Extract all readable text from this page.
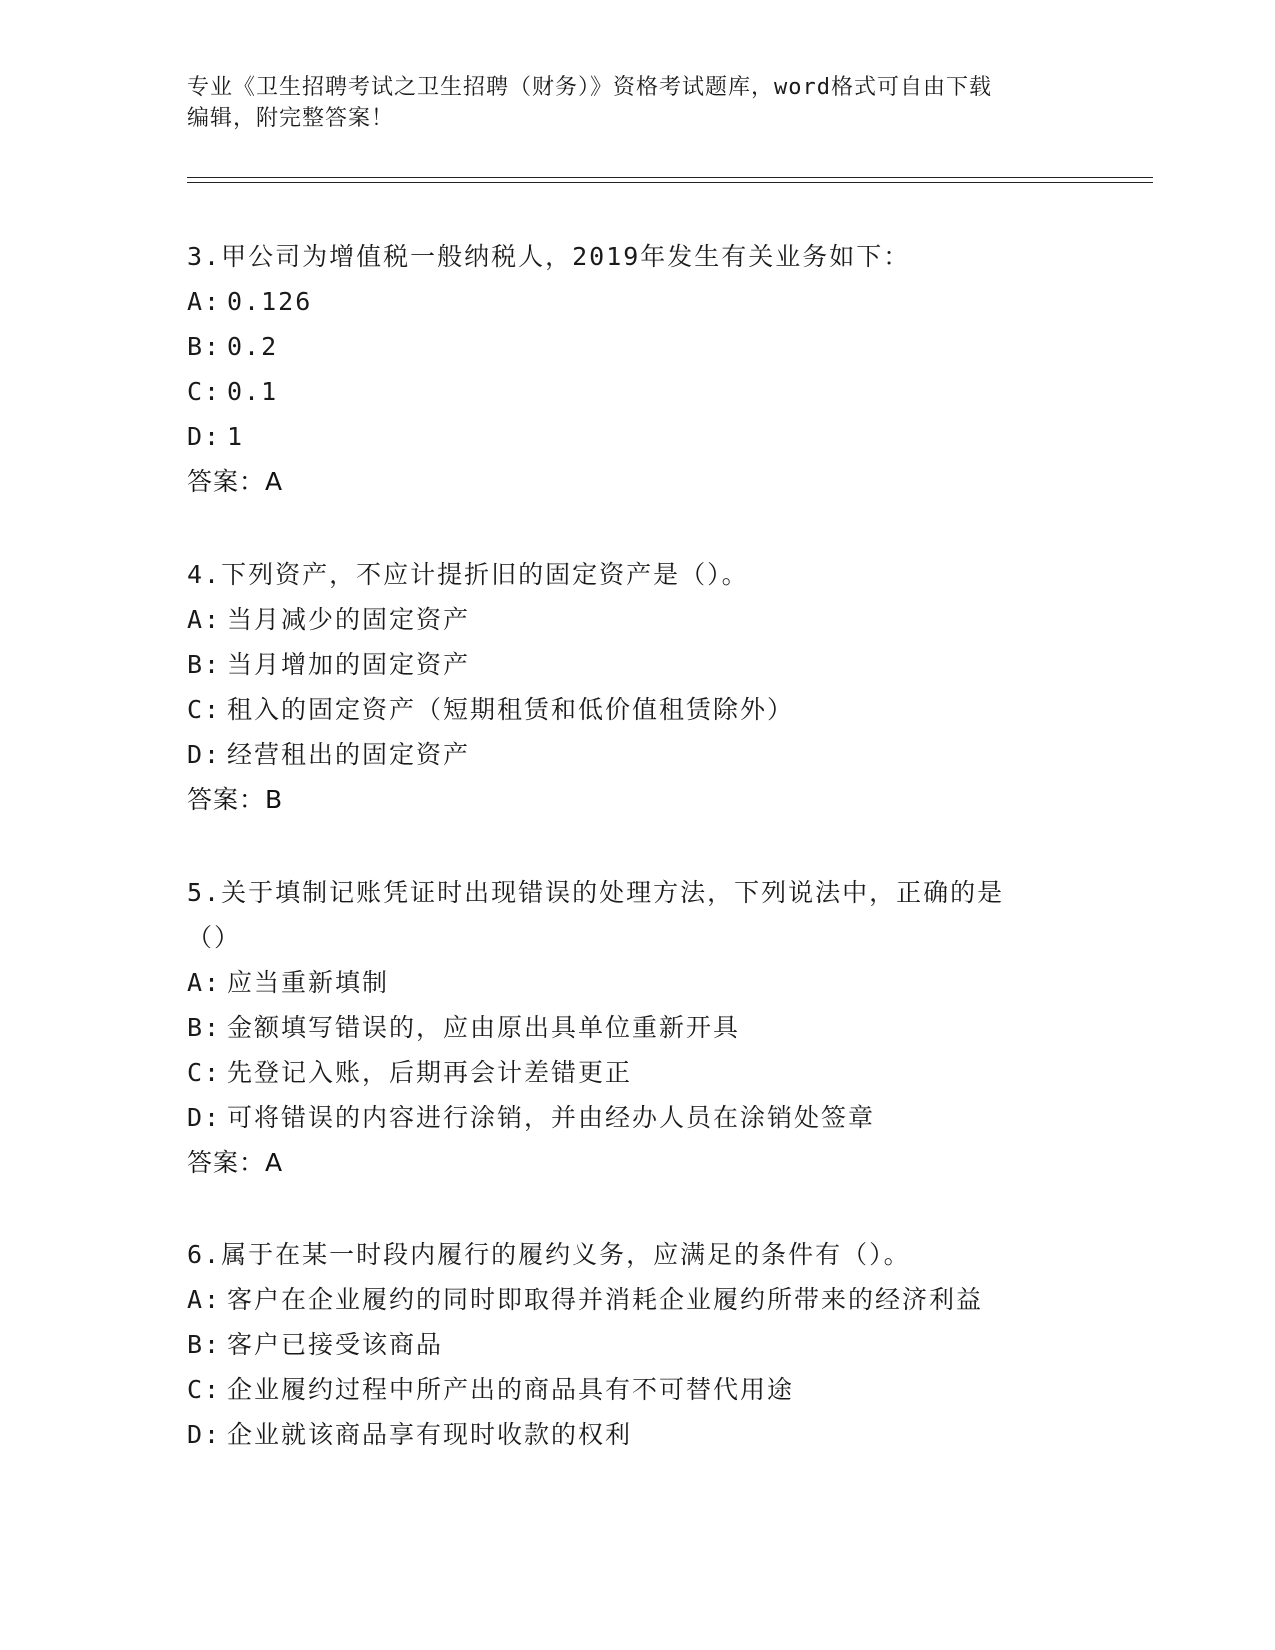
专业《卫生招聘考试之卫生招聘（财务）》资格考试题库，word格式可自由下载
编辑，附完整答案！
3.甲公司为增值税一般纳税人，2019年发生有关业务如下：
A: 0.126
B: 0.2
C: 0.1
D: 1
答案：A
4.下列资产，不应计提折旧的固定资产是（）。
A: 当月减少的固定资产
B: 当月增加的固定资产
C: 租入的固定资产（短期租赁和低价值租赁除外）
D: 经营租出的固定资产
答案：B
5.关于填制记账凭证时出现错误的处理方法，下列说法中，正确的是
（）
A: 应当重新填制
B: 金额填写错误的，应由原出具单位重新开具
C: 先登记入账，后期再会计差错更正
D: 可将错误的内容进行涂销，并由经办人员在涂销处签章
答案：A
6.属于在某一时段内履行的履约义务，应满足的条件有（）。
A: 客户在企业履约的同时即取得并消耗企业履约所带来的经济利益
B: 客户已接受该商品
C: 企业履约过程中所产出的商品具有不可替代用途
D: 企业就该商品享有现时收款的权利
